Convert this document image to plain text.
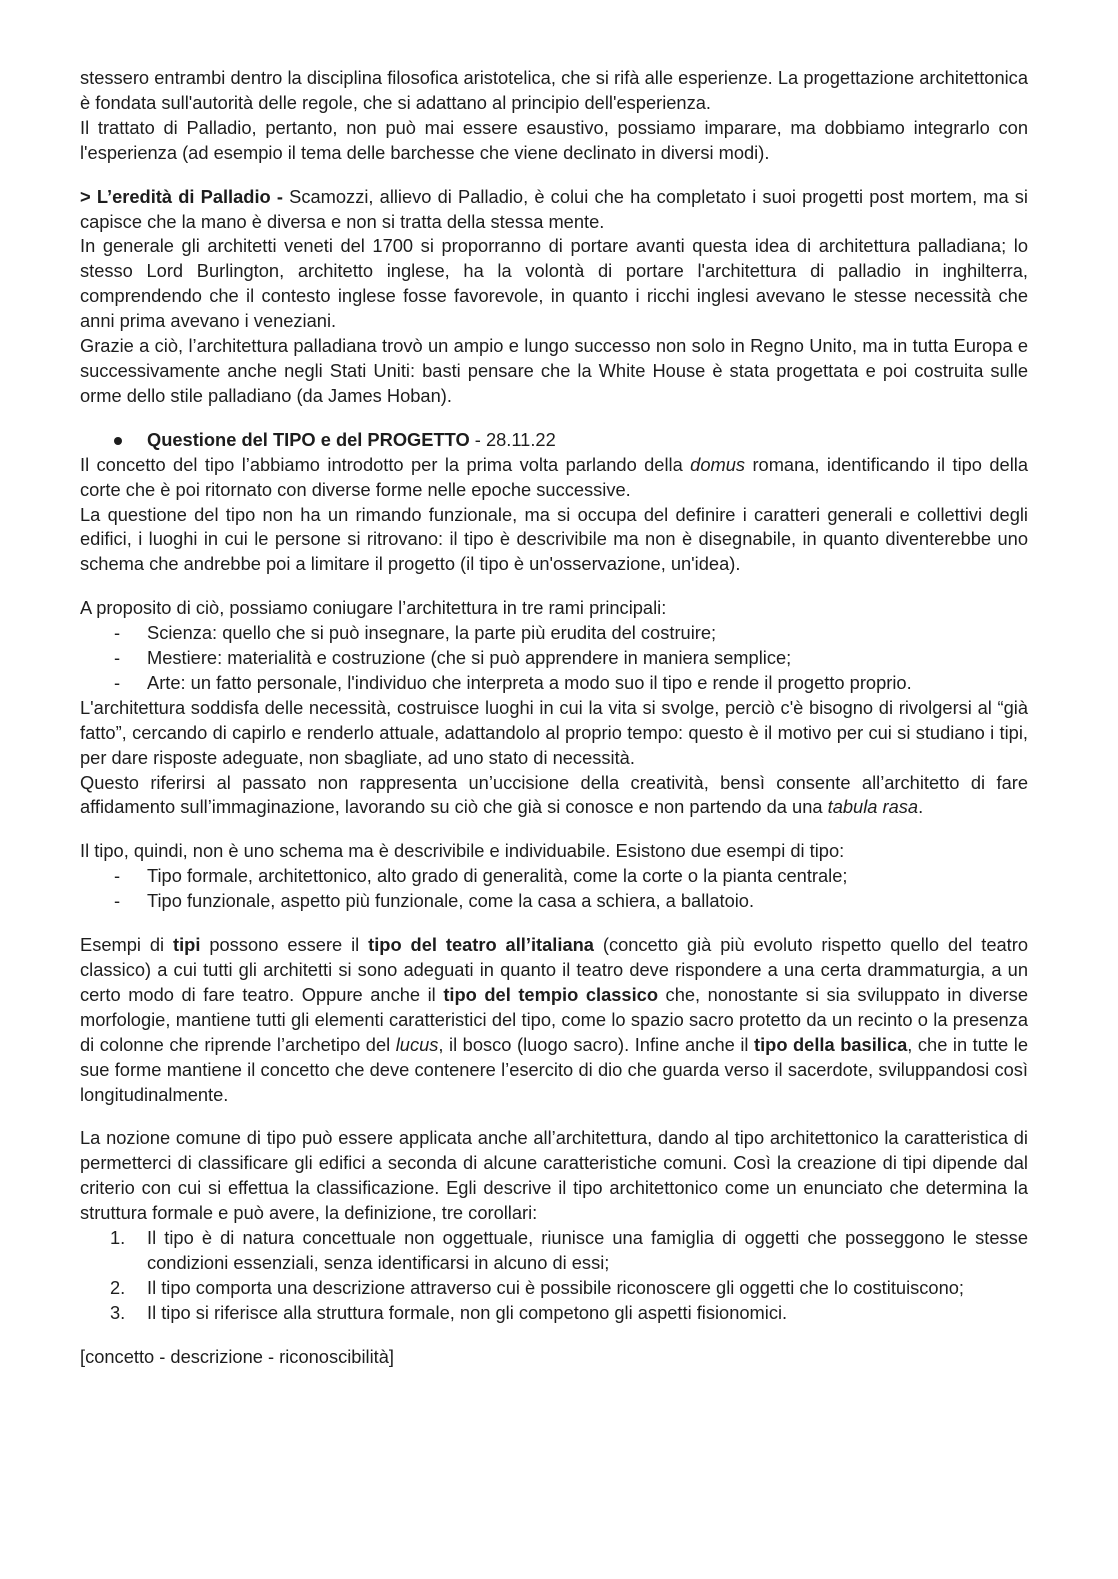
stessero entrambi dentro la disciplina filosofica aristotelica, che si rifà alle esperienze. La progettazione architettonica è fondata sull'autorità delle regole, che si adattano al principio dell'esperienza.

Il trattato di Palladio, pertanto, non può mai essere esaustivo, possiamo imparare, ma dobbiamo integrarlo con l'esperienza (ad esempio il tema delle barchesse che viene declinato in diversi modi).

> L’eredità di Palladio - Scamozzi, allievo di Palladio, è colui che ha completato i suoi progetti post mortem, ma si capisce che la mano è diversa e non si tratta della stessa mente.

In generale gli architetti veneti del 1700 si proporranno di portare avanti questa idea di architettura palladiana; lo stesso Lord Burlington, architetto inglese, ha la volontà di portare l'architettura di palladio in inghilterra, comprendendo che il contesto inglese fosse favorevole, in quanto i ricchi inglesi avevano le stesse necessità che anni prima avevano i veneziani.

Grazie a ciò, l’architettura palladiana trovò un ampio e lungo successo non solo in Regno Unito, ma in tutta Europa e successivamente anche negli Stati Uniti: basti pensare che la White House è stata progettata e poi costruita sulle orme dello stile palladiano (da James Hoban).

Questione del TIPO e del PROGETTO - 28.11.22

Il concetto del tipo l’abbiamo introdotto per la prima volta parlando della domus romana, identificando il tipo della corte che è poi ritornato con diverse forme nelle epoche successive.

La questione del tipo non ha un rimando funzionale, ma si occupa del definire i caratteri generali e collettivi degli edifici, i luoghi in cui le persone si ritrovano: il tipo è descrivibile ma non è disegnabile, in quanto diventerebbe uno schema che andrebbe poi a limitare il progetto (il tipo è un'osservazione, un'idea).

A proposito di ciò, possiamo coniugare l’architettura in tre rami principali:

- Scienza: quello che si può insegnare, la parte più erudita del costruire;
- Mestiere: materialità e costruzione (che si può apprendere in maniera semplice;
- Arte: un fatto personale, l'individuo che interpreta a modo suo il tipo e rende il progetto proprio.

L'architettura soddisfa delle necessità, costruisce luoghi in cui la vita si svolge, perciò c'è bisogno di rivolgersi al “già fatto”, cercando di capirlo e renderlo attuale, adattandolo al proprio tempo: questo è il motivo per cui si studiano i tipi, per dare risposte adeguate, non sbagliate, ad uno stato di necessità.

Questo riferirsi al passato non rappresenta un’uccisione della creatività, bensì consente all’architetto di fare affidamento sull’immaginazione, lavorando su ciò che già si conosce e non partendo da una tabula rasa.

Il tipo, quindi, non è uno schema ma è descrivibile e individuabile. Esistono due esempi di tipo:

- Tipo formale, architettonico, alto grado di generalità, come la corte o la pianta centrale;
- Tipo funzionale, aspetto più funzionale, come la casa a schiera, a ballatoio.

Esempi di tipi possono essere il tipo del teatro all’italiana (concetto già più evoluto rispetto quello del teatro classico) a cui tutti gli architetti si sono adeguati in quanto il teatro deve rispondere a una certa drammaturgia, a un certo modo di fare teatro. Oppure anche il tipo del tempio classico che, nonostante si sia sviluppato in diverse morfologie, mantiene tutti gli elementi caratteristici del tipo, come lo spazio sacro protetto da un recinto o la presenza di colonne che riprende l’archetipo del lucus, il bosco (luogo sacro). Infine anche il tipo della basilica, che in tutte le sue forme mantiene il concetto che deve contenere l’esercito di dio che guarda verso il sacerdote, sviluppandosi così longitudinalmente.

La nozione comune di tipo può essere applicata anche all’architettura, dando al tipo architettonico la caratteristica di permetterci di classificare gli edifici a seconda di alcune caratteristiche comuni. Così la creazione di tipi dipende dal criterio con cui si effettua la classificazione. Egli descrive il tipo architettonico come un enunciato che determina la struttura formale e può avere, la definizione, tre corollari:

1. Il tipo è di natura concettuale non oggettuale, riunisce una famiglia di oggetti che posseggono le stesse condizioni essenziali, senza identificarsi in alcuno di essi;
2. Il tipo comporta una descrizione attraverso cui è possibile riconoscere gli oggetti che lo costituiscono;
3. Il tipo si riferisce alla struttura formale, non gli competono gli aspetti fisionomici.

[concetto - descrizione - riconoscibilità]
